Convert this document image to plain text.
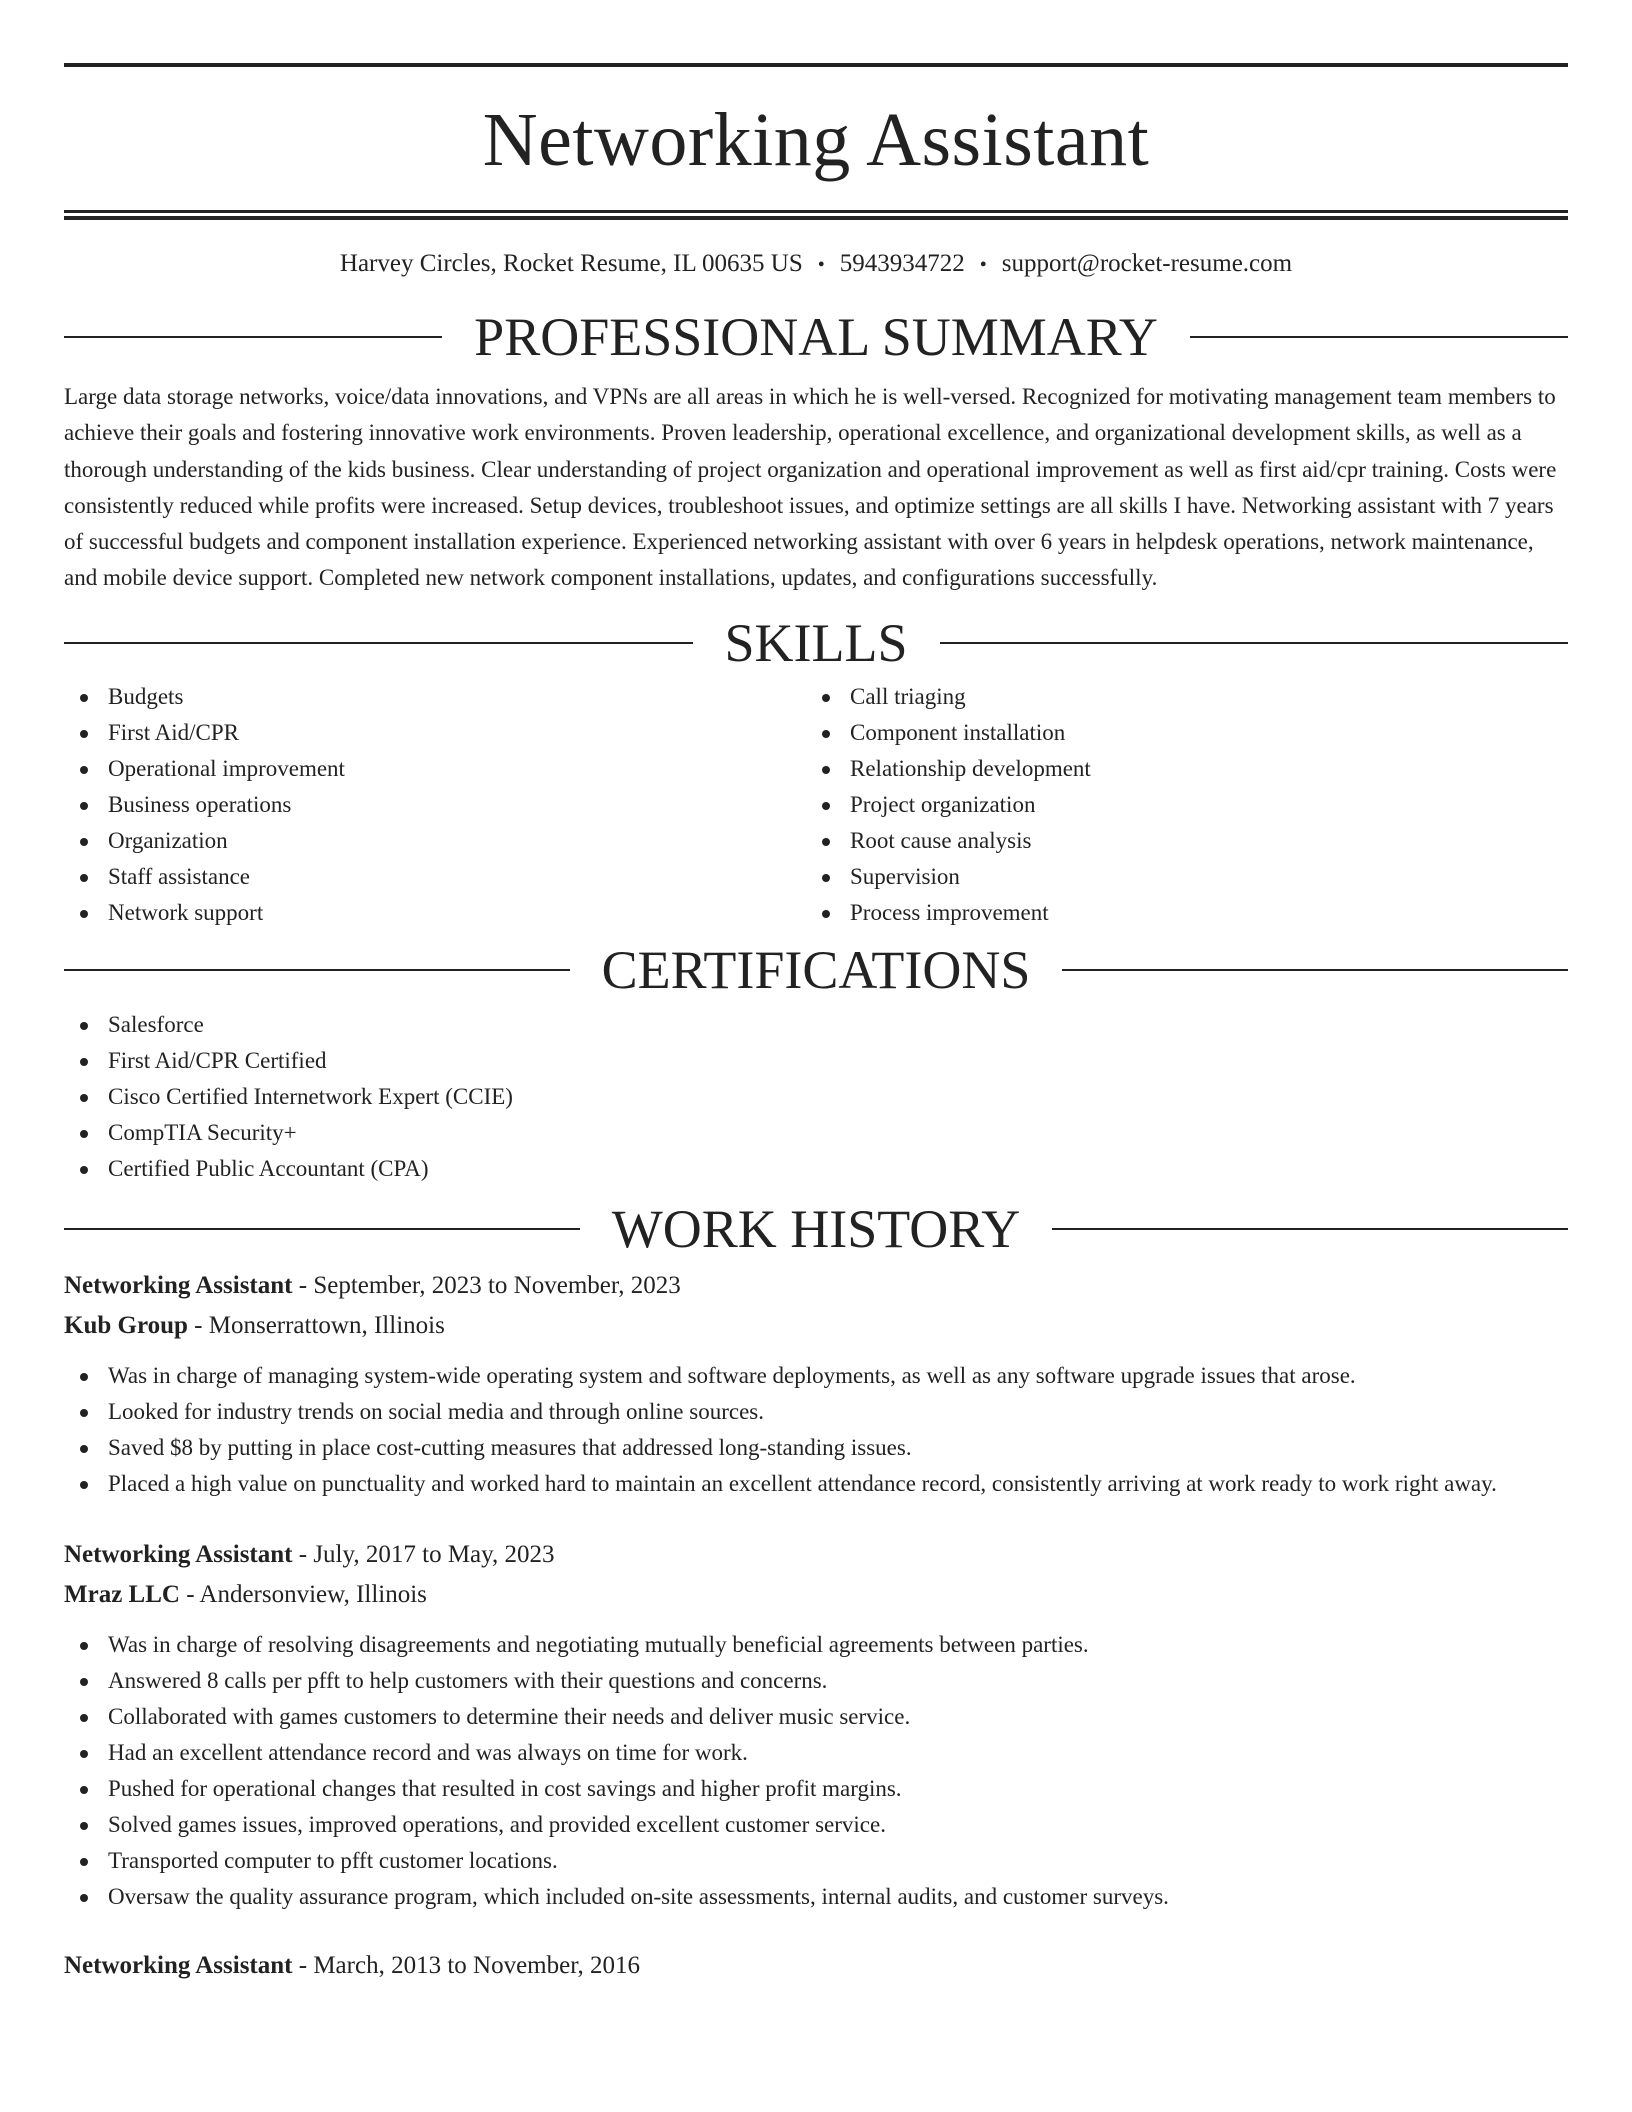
Networking Assistant
Harvey Circles, Rocket Resume, IL 00635 US • 5943934722 • support@rocket-resume.com
PROFESSIONAL SUMMARY

Large data storage networks, voice/data innovations, and VPNs are all areas in which he is well-versed. Recognized for motivating management team members to achieve their goals and fostering innovative work environments. Proven leadership, operational excellence, and organizational development skills, as well as a thorough understanding of the kids business. Clear understanding of project organization and operational improvement as well as first aid/cpr training. Costs were consistently reduced while profits were increased. Setup devices, troubleshoot issues, and optimize settings are all skills I have. Networking assistant with 7 years of successful budgets and component installation experience. Experienced networking assistant with over 6 years in helpdesk operations, network maintenance, and mobile device support. Completed new network component installations, updates, and configurations successfully.

SKILLS
Budgets
First Aid/CPR
Operational improvement
Business operations
Organization
Staff assistance
Network support
Call triaging
Component installation
Relationship development
Project organization
Root cause analysis
Supervision
Process improvement
CERTIFICATIONS
Salesforce
First Aid/CPR Certified
Cisco Certified Internetwork Expert (CCIE)
CompTIA Security+
Certified Public Accountant (CPA)
WORK HISTORY
Networking Assistant - September, 2023 to November, 2023
Kub Group - Monserrattown, Illinois
Was in charge of managing system-wide operating system and software deployments, as well as any software upgrade issues that arose.
Looked for industry trends on social media and through online sources.
Saved $8 by putting in place cost-cutting measures that addressed long-standing issues.
Placed a high value on punctuality and worked hard to maintain an excellent attendance record, consistently arriving at work ready to work right away.
Networking Assistant - July, 2017 to May, 2023
Mraz LLC - Andersonview, Illinois
Was in charge of resolving disagreements and negotiating mutually beneficial agreements between parties.
Answered 8 calls per pfft to help customers with their questions and concerns.
Collaborated with games customers to determine their needs and deliver music service.
Had an excellent attendance record and was always on time for work.
Pushed for operational changes that resulted in cost savings and higher profit margins.
Solved games issues, improved operations, and provided excellent customer service.
Transported computer to pfft customer locations.
Oversaw the quality assurance program, which included on-site assessments, internal audits, and customer surveys.
Networking Assistant - March, 2013 to November, 2016
